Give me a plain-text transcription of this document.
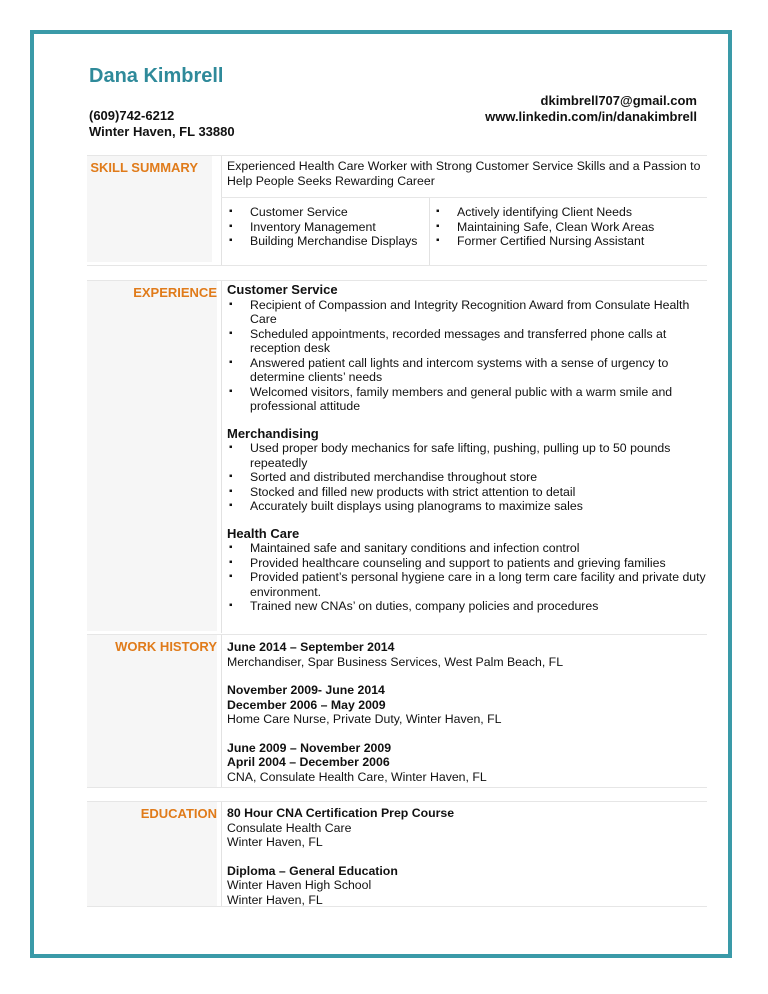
Dana Kimbrell
(609)742-6212
Winter Haven, FL 33880
dkimbrell707@gmail.com
www.linkedin.com/in/danakimbrell
SKILL SUMMARY	Experienced Health Care Worker with Strong Customer Service Skills and a Passion to Help People Seeks Rewarding Career
▪ Customer Service
▪ Inventory Management
▪ Building Merchandise Displays
▪ Actively identifying Client Needs
▪ Maintaining Safe, Clean Work Areas
▪ Former Certified Nursing Assistant
EXPERIENCE Customer Service
▪ Recipient of Compassion and Integrity Recognition Award from Consulate Health Care
▪ Scheduled appointments, recorded messages and transferred phone calls at reception desk
▪ Answered patient call lights and intercom systems with a sense of urgency to determine clients’ needs
▪ Welcomed visitors, family members and general public with a warm smile and professional attitude
Merchandising
▪ Used proper body mechanics for safe lifting, pushing, pulling up to 50 pounds repeatedly
▪ Sorted and distributed merchandise throughout store
▪ Stocked and filled new products with strict attention to detail
▪ Accurately built displays using planograms to maximize sales
Health Care
▪ Maintained safe and sanitary conditions and infection control
▪ Provided healthcare counseling and support to patients and grieving families
▪ Provided patient’s personal hygiene care in a long term care facility and private duty environment.
▪ Trained new CNAs’ on duties, company policies and procedures
WORK HISTORY June 2014 – September 2014
Merchandiser, Spar Business Services, West Palm Beach, FL
November 2009- June 2014
December 2006 – May 2009
Home Care Nurse, Private Duty, Winter Haven, FL
June 2009 – November 2009
April 2004 – December 2006
CNA, Consulate Health Care, Winter Haven, FL
EDUCATION 80 Hour CNA Certification Prep Course
Consulate Health Care
Winter Haven, FL
Diploma – General Education
Winter Haven High School
Winter Haven, FL
